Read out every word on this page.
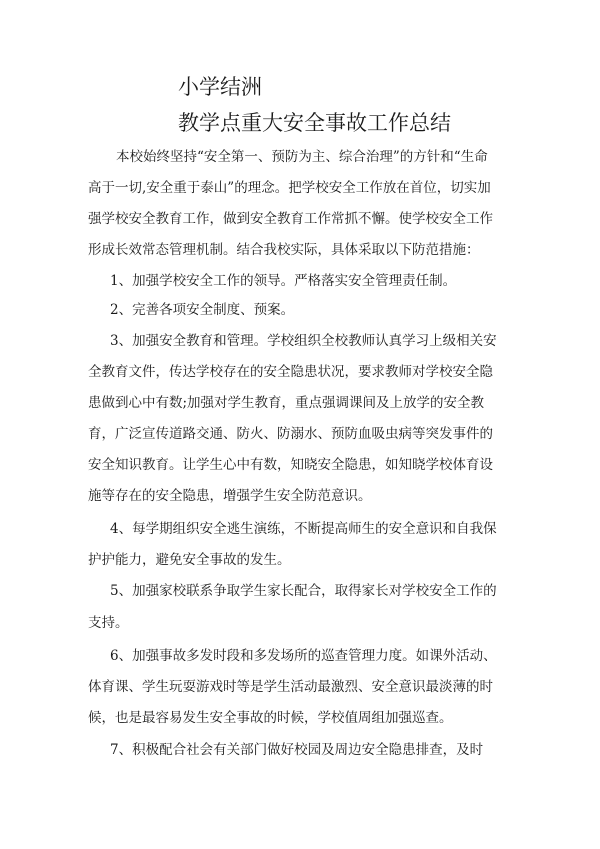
小学结洲
教学点重大安全事故工作总结
本校始终坚持“安全第一、预防为主、综合治理”的方针和“生命
高于一切,安全重于泰山”的理念。把学校安全工作放在首位，切实加
强学校安全教育工作，做到安全教育工作常抓不懈。使学校安全工作
形成长效常态管理机制。结合我校实际，具体采取以下防范措施：
1、加强学校安全工作的领导。严格落实安全管理责任制。
2、完善各项安全制度、预案。
3、加强安全教育和管理。学校组织全校教师认真学习上级相关安
全教育文件，传达学校存在的安全隐患状况，要求教师对学校安全隐
患做到心中有数;加强对学生教育，重点强调课间及上放学的安全教
育，广泛宣传道路交通、防火、防溺水、预防血吸虫病等突发事件的
安全知识教育。让学生心中有数，知晓安全隐患，如知晓学校体育设
施等存在的安全隐患，增强学生安全防范意识。
4、每学期组织安全逃生演练，不断提高师生的安全意识和自我保
护护能力，避免安全事故的发生。
5、加强家校联系争取学生家长配合，取得家长对学校安全工作的
支持。
6、加强事故多发时段和多发场所的巡查管理力度。如课外活动、
体育课、学生玩耍游戏时等是学生活动最激烈、安全意识最淡薄的时
候，也是最容易发生安全事故的时候，学校值周组加强巡查。
7、积极配合社会有关部门做好校园及周边安全隐患排查，及时
